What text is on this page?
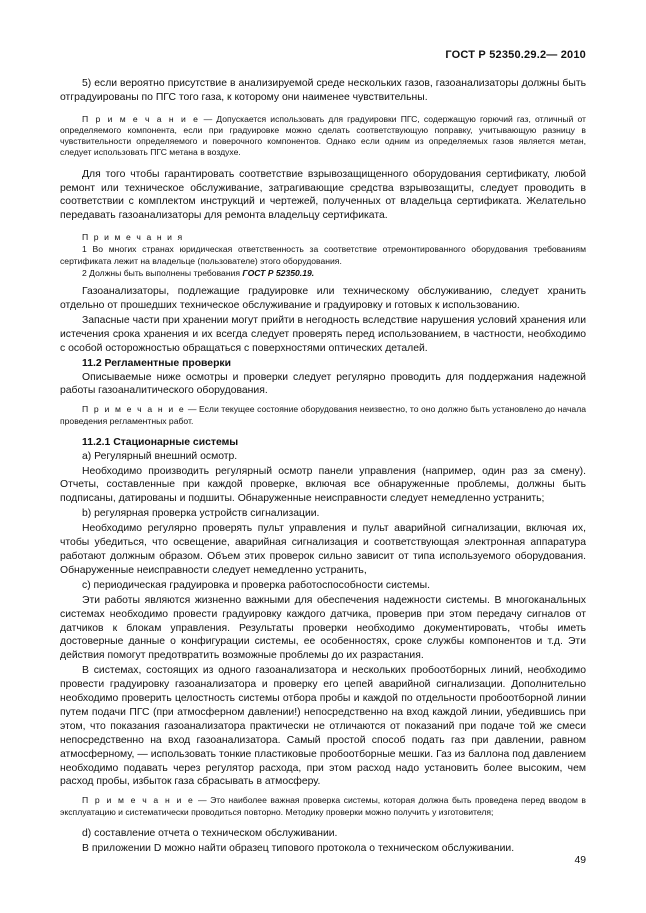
ГОСТ Р 52350.29.2— 2010

5) если вероятно присутствие в анализируемой среде нескольких газов, газоанализаторы должны быть отградуированы по ПГС того газа, к которому они наименее чувствительны.

П р и м е ч а н и е — Допускается использовать для градуировки ПГС, содержащую горючий газ, отличный от определяемого компонента, если при градуировке можно сделать соответствующую поправку, учитывающую разницу в чувствительности определяемого и поверочного компонентов. Однако если одним из определяемых газов является метан, следует использовать ПГС метана в воздухе.

Для того чтобы гарантировать соответствие взрывозащищенного оборудования сертификату, любой ремонт или техническое обслуживание, затрагивающие средства взрывозащиты, следует проводить в соответствии с комплектом инструкций и чертежей, полученных от владельца сертификата. Желательно передавать газоанализаторы для ремонта владельцу сертификата.

П р и м е ч а н и я

1 Во многих странах юридическая ответственность за соответствие отремонтированного оборудования требованиям сертификата лежит на владельце (пользователе) этого оборудования.

2 Должны быть выполнены требования ГОСТ Р 52350.19.

Газоанализаторы, подлежащие градуировке или техническому обслуживанию, следует хранить отдельно от прошедших техническое обслуживание и градуировку и готовых к использованию.

Запасные части при хранении могут прийти в негодность вследствие нарушения условий хранения или истечения срока хранения и их всегда следует проверять перед использованием, в частности, необходимо с особой осторожностью обращаться с поверхностями оптических деталей.

11.2 Регламентные проверки

Описываемые ниже осмотры и проверки следует регулярно проводить для поддержания надежной работы газоаналитического оборудования.

П р и м е ч а н и е — Если текущее состояние оборудования неизвестно, то оно должно быть установлено до начала проведения регламентных работ.

11.2.1 Стационарные системы

а) Регулярный внешний осмотр.

Необходимо производить регулярный осмотр панели управления (например, один раз за смену). Отчеты, составленные при каждой проверке, включая все обнаруженные проблемы, должны быть подписаны, датированы и подшиты. Обнаруженные неисправности следует немедленно устранить;

b) регулярная проверка устройств сигнализации.

Необходимо регулярно проверять пульт управления и пульт аварийной сигнализации, включая их, чтобы убедиться, что освещение, аварийная сигнализация и соответствующая электронная аппаратура работают должным образом. Объем этих проверок сильно зависит от типа используемого оборудования. Обнаруженные неисправности следует немедленно устранить,

с) периодическая градуировка и проверка работоспособности системы.

Эти работы являются жизненно важными для обеспечения надежности системы. В многоканальных системах необходимо провести градуировку каждого датчика, проверив при этом передачу сигналов от датчиков к блокам управления. Результаты проверки необходимо документировать, чтобы иметь достоверные данные о конфигурации системы, ее особенностях, сроке службы компонентов и т.д. Эти действия помогут предотвратить возможные проблемы до их разрастания.

В системах, состоящих из одного газоанализатора и нескольких пробоотборных линий, необходимо провести градуировку газоанализатора и проверку его цепей аварийной сигнализации. Дополнительно необходимо проверить целостность системы отбора пробы и каждой по отдельности пробоотборной линии путем подачи ПГС (при атмосферном давлении!) непосредственно на вход каждой линии, убедившись при этом, что показания газоанализатора практически не отличаются от показаний при подаче той же смеси непосредственно на вход газоанализатора. Самый простой способ подать газ при давлении, равном атмосферному, — использовать тонкие пластиковые пробоотборные мешки. Газ из баллона под давлением необходимо подавать через регулятор расхода, при этом расход надо установить более высоким, чем расход пробы, избыток газа сбрасывать в атмосферу.

П р и м е ч а н и е — Это наиболее важная проверка системы, которая должна быть проведена перед вводом в эксплуатацию и систематически проводиться повторно. Методику проверки можно получить у изготовителя;

d) составление отчета о техническом обслуживании.

В приложении D можно найти образец типового протокола о техническом обслуживании.

49
